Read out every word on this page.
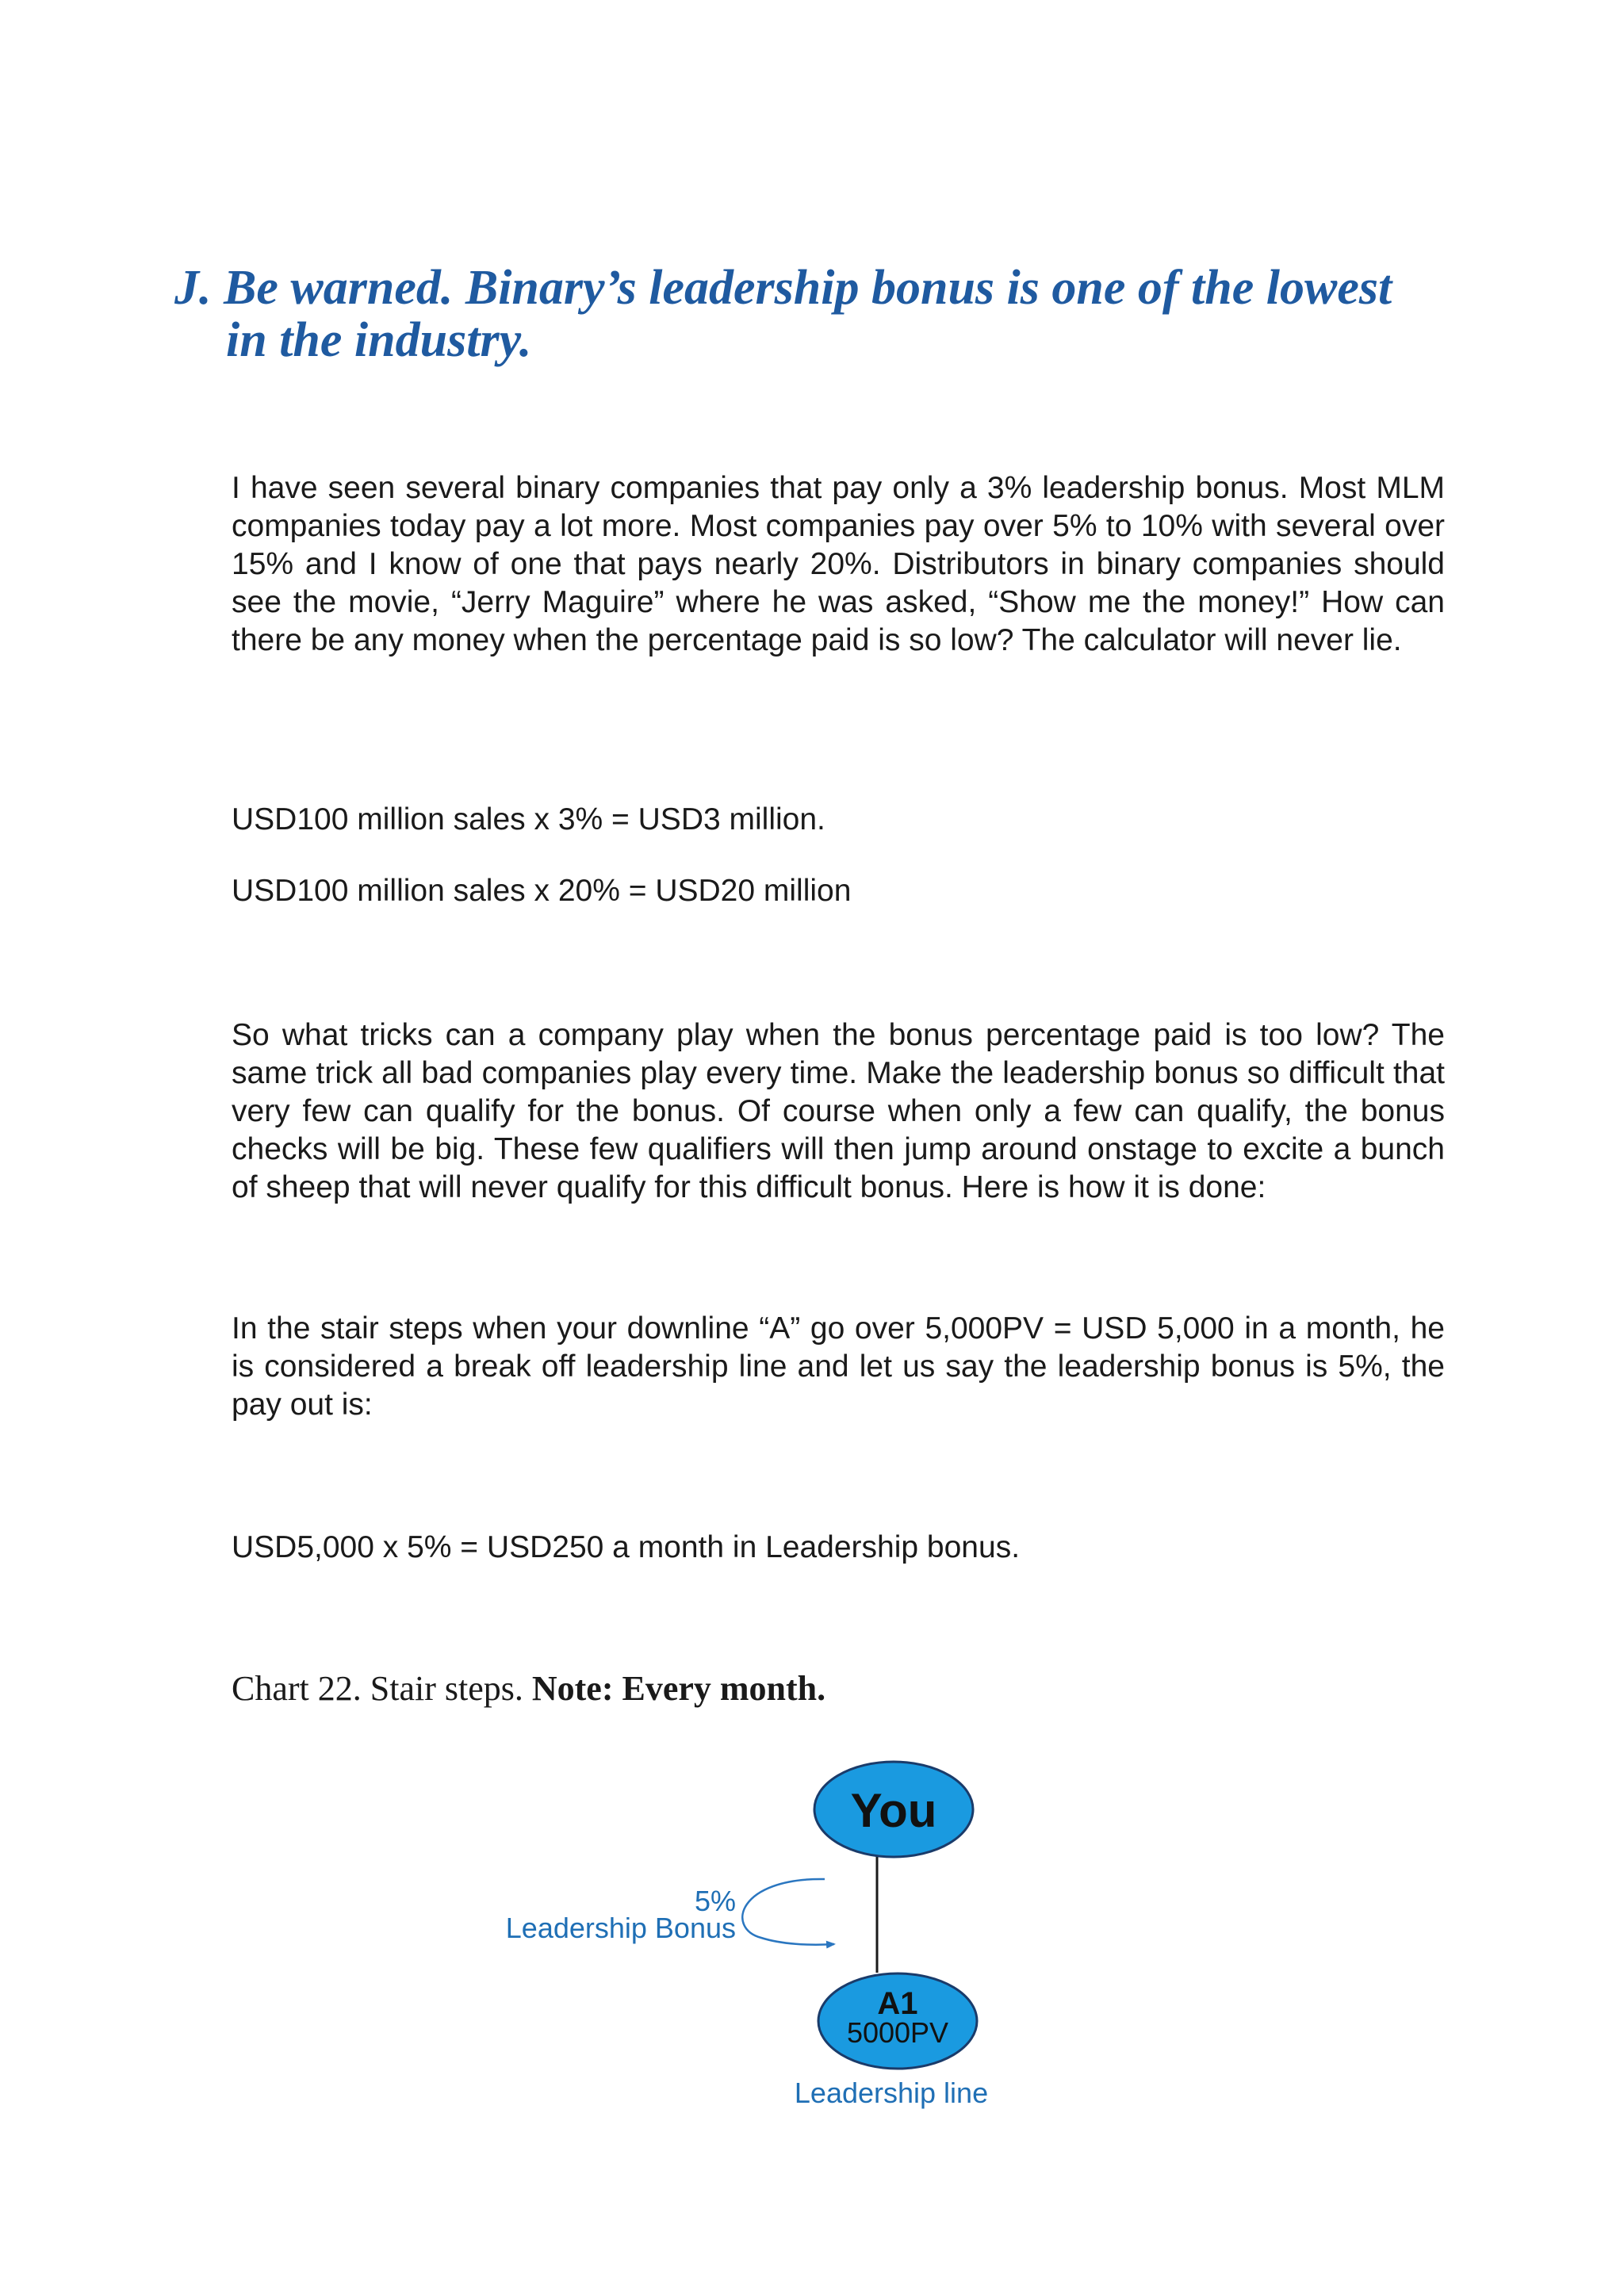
J. Be warned. Binary’s leadership bonus is one of the lowest
in the industry.

I have seen several binary companies that pay only a 3% leadership bonus. Most MLM companies today pay a lot more. Most companies pay over 5% to 10% with several over 15% and I know of one that pays nearly 20%. Distributors in binary companies should see the movie, “Jerry Maguire” where he was asked, “Show me the money!” How can there be any money when the percentage paid is so low? The calculator will never lie.

USD100 million sales x 3% = USD3 million.

USD100 million sales x 20% = USD20 million

So what tricks can a company play when the bonus percentage paid is too low? The same trick all bad companies play every time. Make the leadership bonus so difficult that very few can qualify for the bonus. Of course when only a few can qualify, the bonus checks will be big. These few qualifiers will then jump around onstage to excite a bunch of sheep that will never qualify for this difficult bonus. Here is how it is done:

In the stair steps when your downline “A” go over 5,000PV = USD 5,000 in a month, he is considered a break off leadership line and let us say the leadership bonus is 5%, the pay out is:

USD5,000 x 5% = USD250 a month in Leadership bonus.

Chart 22. Stair steps. Note: Every month.

You
A1
5000PV
5%
Leadership Bonus
Leadership line
